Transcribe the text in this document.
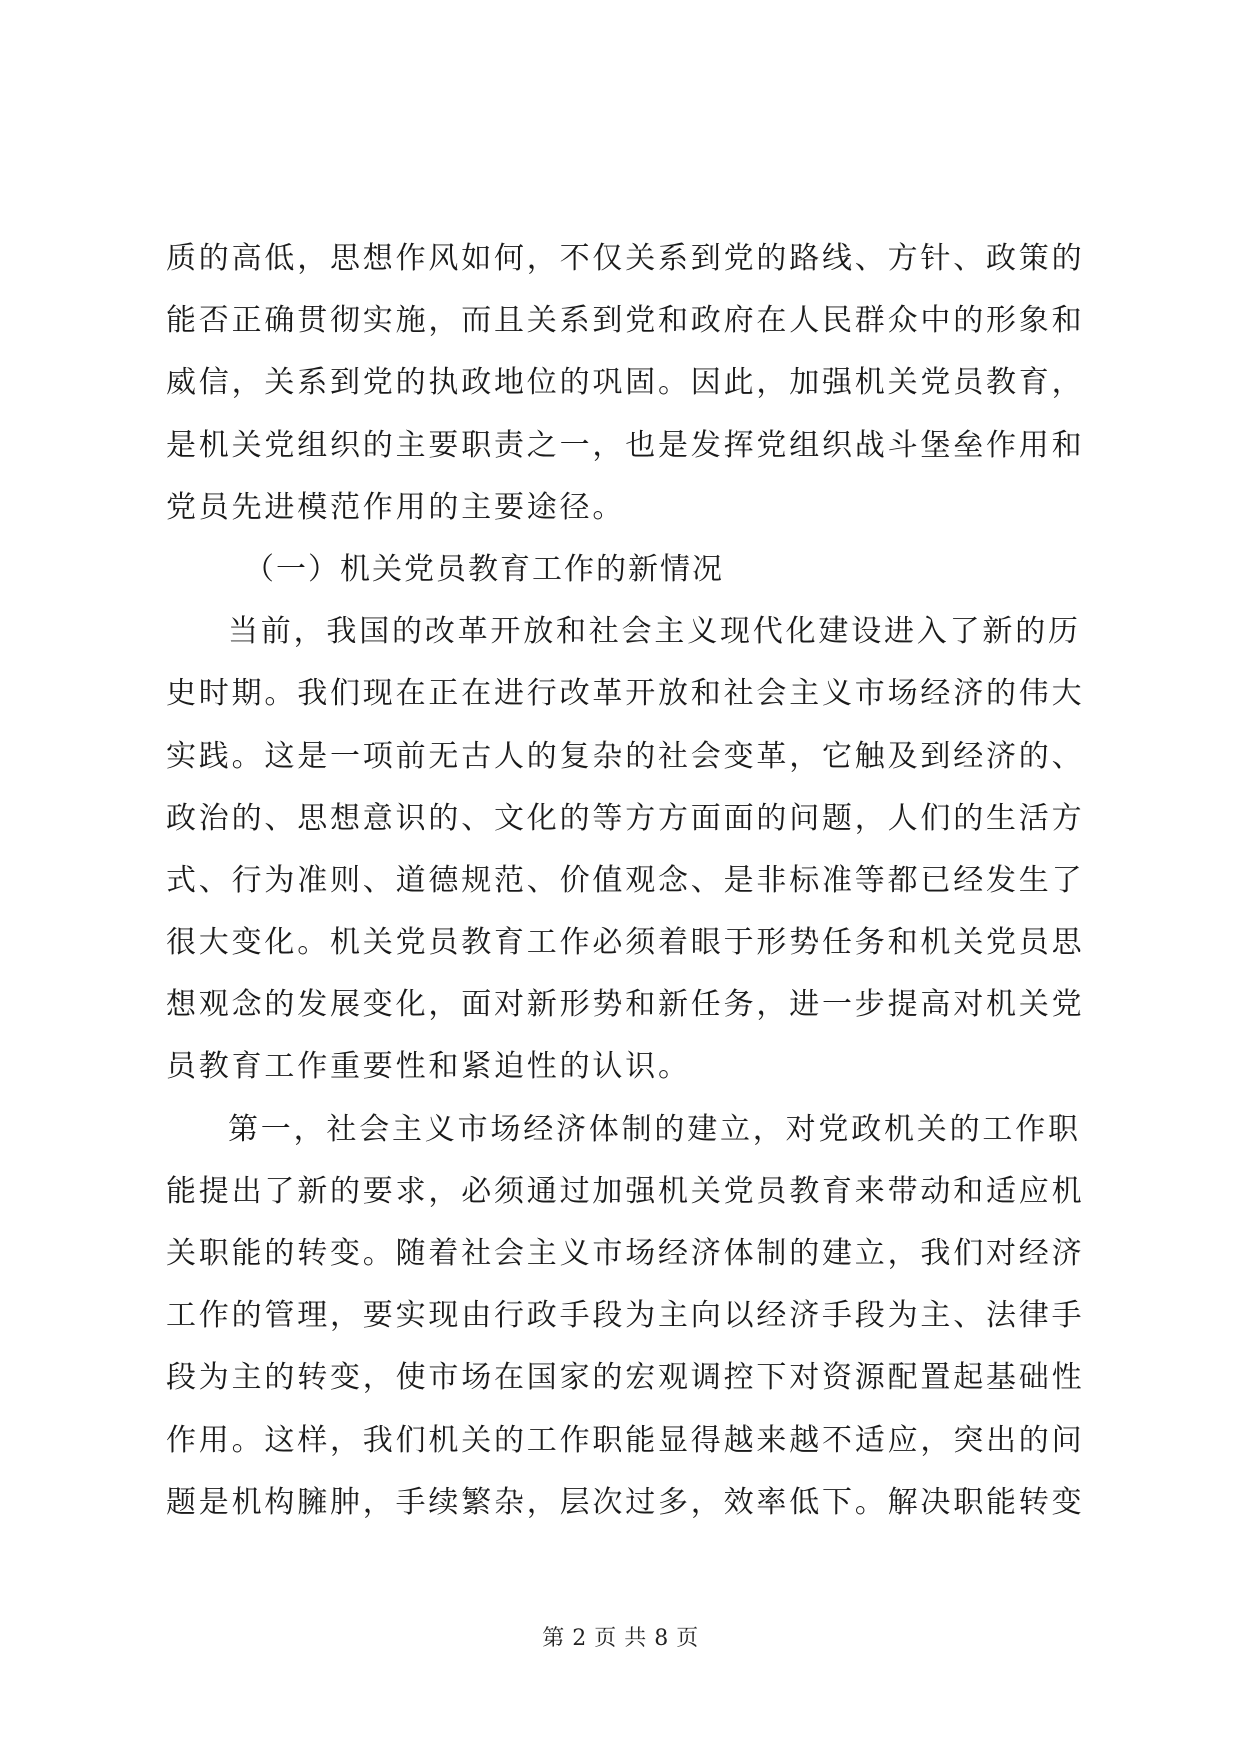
质的高低，思想作风如何，不仅关系到党的路线、方针、政策的
能否正确贯彻实施，而且关系到党和政府在人民群众中的形象和
威信，关系到党的执政地位的巩固。因此，加强机关党员教育，
是机关党组织的主要职责之一，也是发挥党组织战斗堡垒作用和
党员先进模范作用的主要途径。
（一）机关党员教育工作的新情况
当前，我国的改革开放和社会主义现代化建设进入了新的历
史时期。我们现在正在进行改革开放和社会主义市场经济的伟大
实践。这是一项前无古人的复杂的社会变革，它触及到经济的、
政治的、思想意识的、文化的等方方面面的问题，人们的生活方
式、行为准则、道德规范、价值观念、是非标准等都已经发生了
很大变化。机关党员教育工作必须着眼于形势任务和机关党员思
想观念的发展变化，面对新形势和新任务，进一步提高对机关党
员教育工作重要性和紧迫性的认识。
第一，社会主义市场经济体制的建立，对党政机关的工作职
能提出了新的要求，必须通过加强机关党员教育来带动和适应机
关职能的转变。随着社会主义市场经济体制的建立，我们对经济
工作的管理，要实现由行政手段为主向以经济手段为主、法律手
段为主的转变，使市场在国家的宏观调控下对资源配置起基础性
作用。这样，我们机关的工作职能显得越来越不适应，突出的问
题是机构臃肿，手续繁杂，层次过多，效率低下。解决职能转变
第 2 页 共 8 页
